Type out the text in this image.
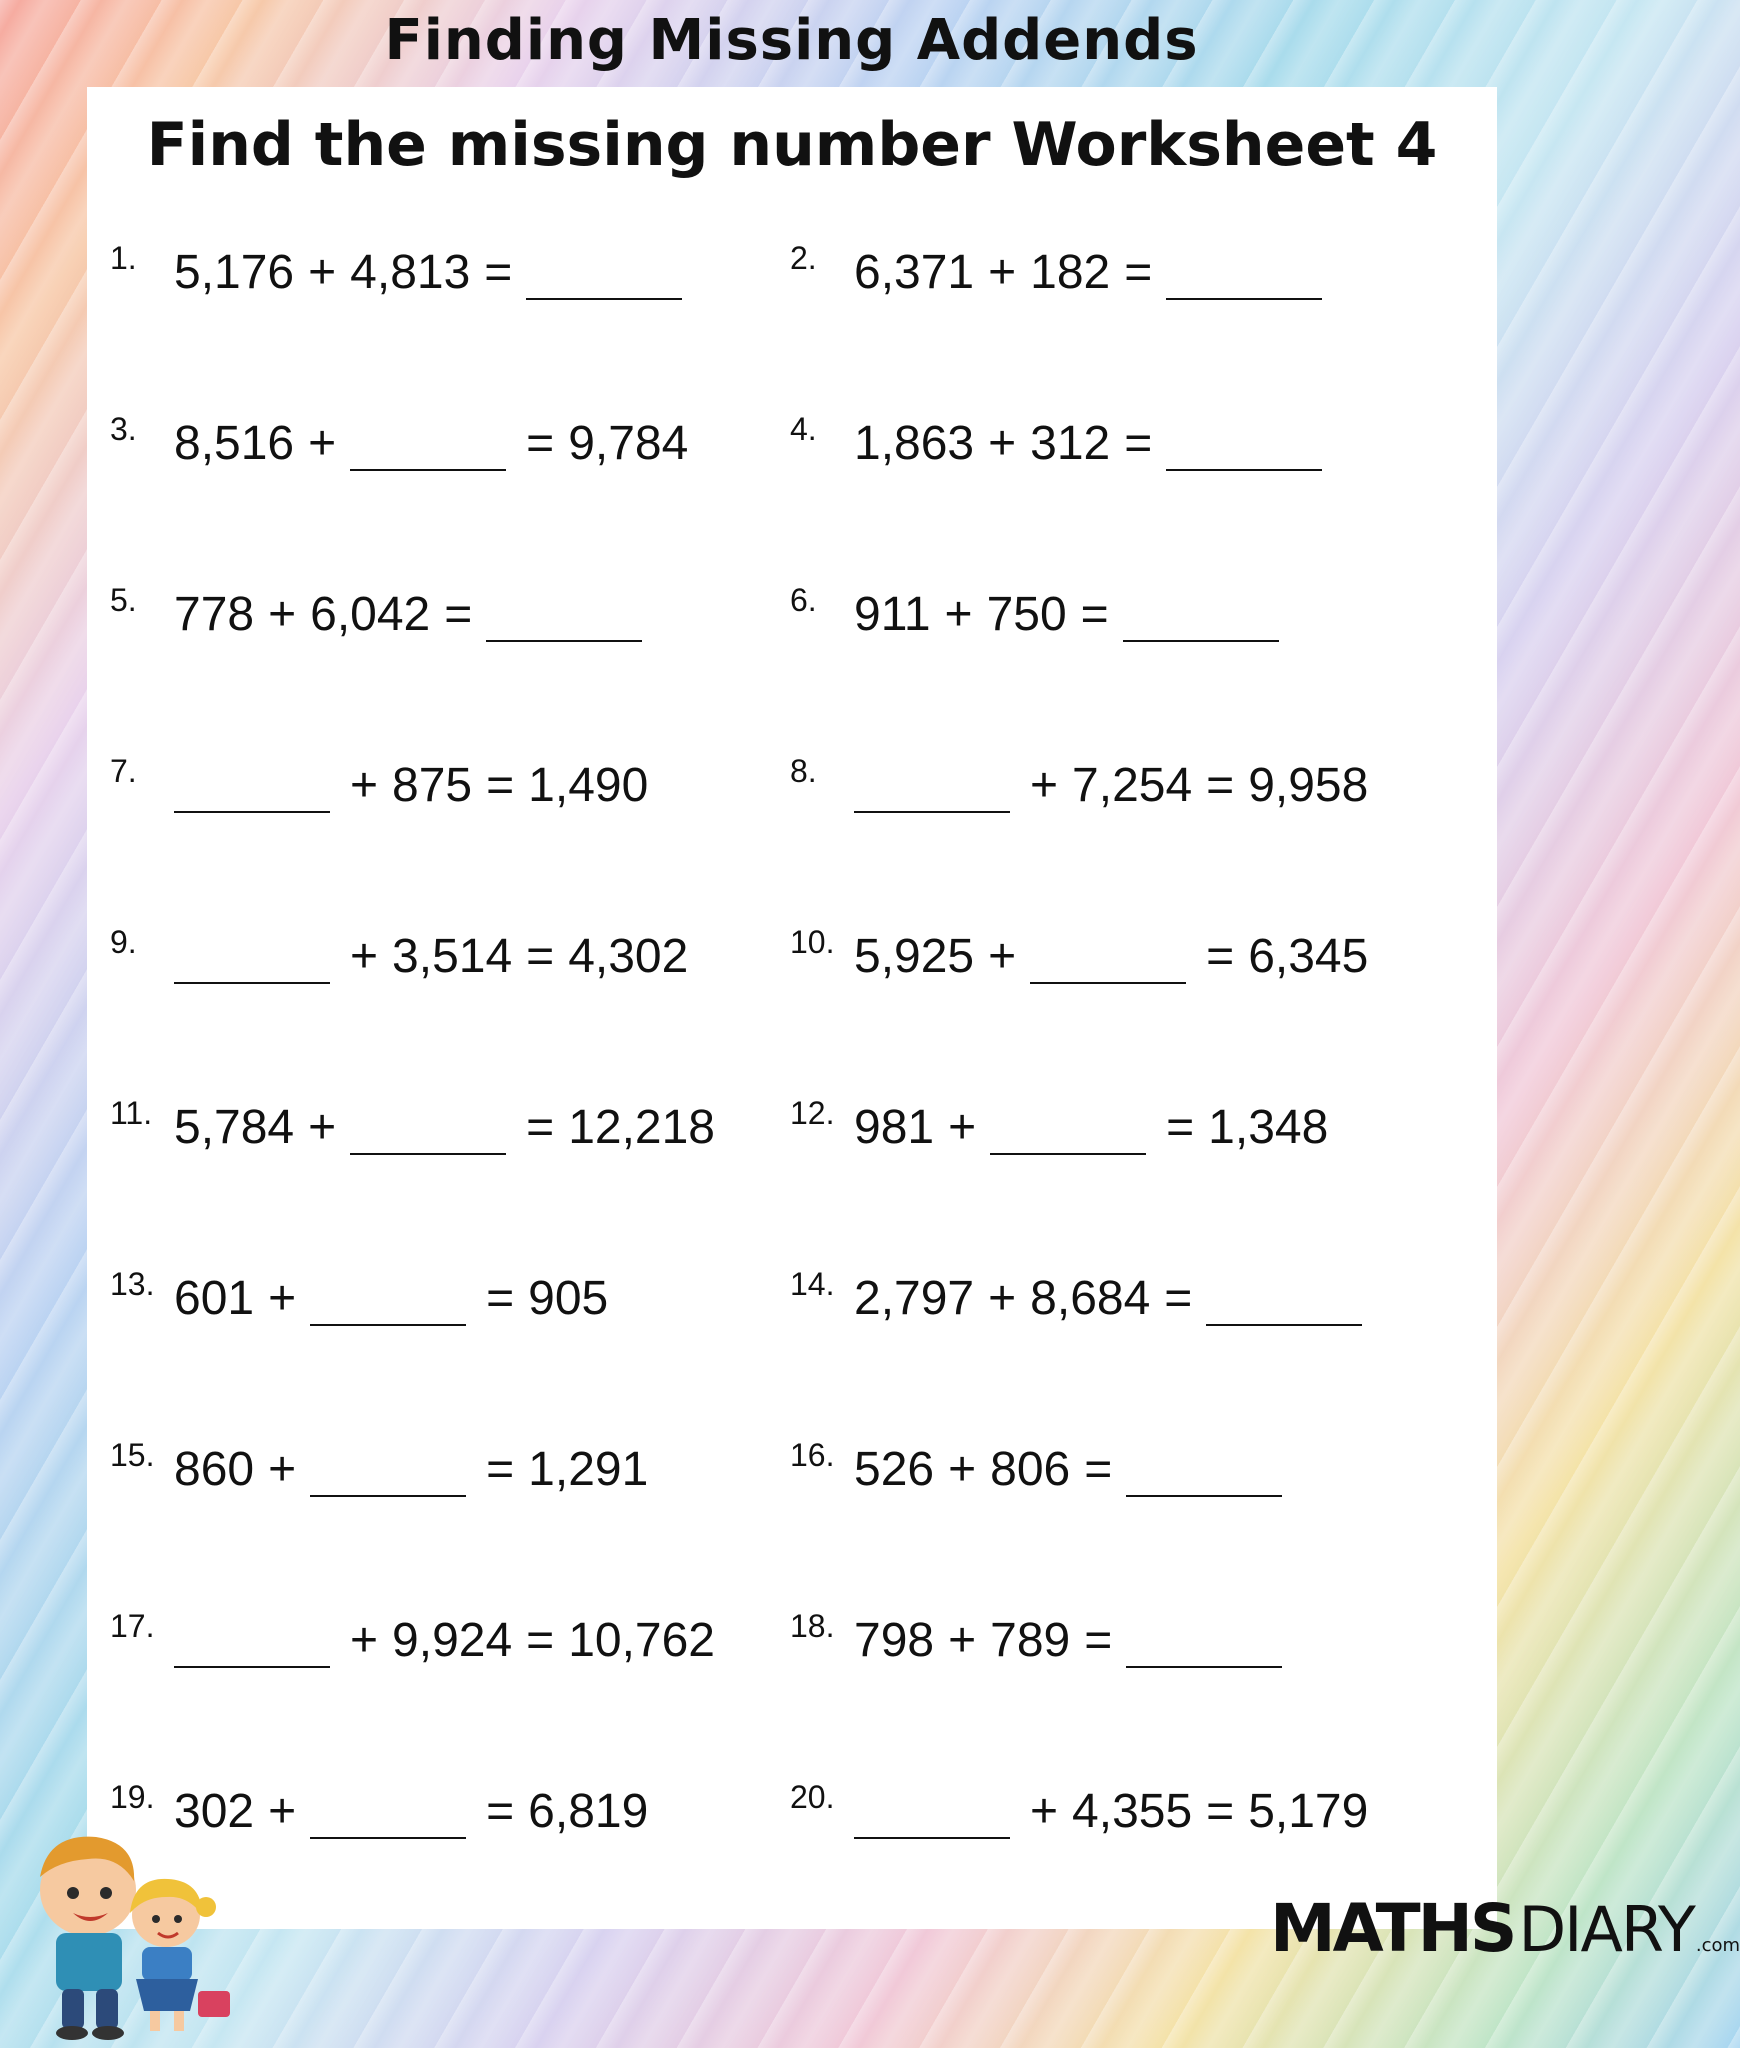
Finding Missing Addends
Find the missing number Worksheet 4
1. 5,176 + 4,813 =	2. 6,371 + 182 =
3. 8,516 +	= 9,784	4. 1,863 + 312 =
5. 778 + 6,042 =	6. 911 + 750 =
7.	+ 875 = 1,490	8.	+ 7,254 = 9,958
9.	+ 3,514 = 4,302	10. 5,925 +	= 6,345
11. 5,784 +	= 12,218 12. 981 +	= 1,348
13. 601 +	= 905	14. 2,797 + 8,684 =
15. 860 +	= 1,291	16. 526 + 806 =
17.	+ 9,924 = 10,762 18. 798 + 789 =
19. 302 +	= 6,819	20.	+ 4,355 = 5,179
MATHS DIARY .com
